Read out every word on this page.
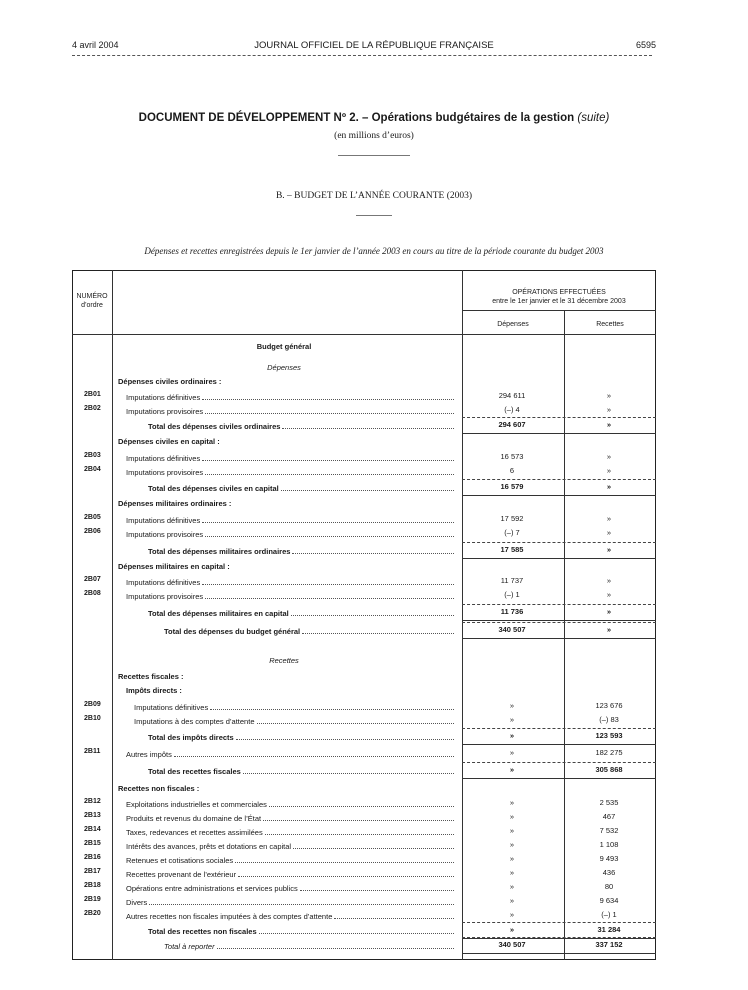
4 avril 2004	JOURNAL OFFICIEL DE LA RÉPUBLIQUE FRANÇAISE	6595
DOCUMENT DE DÉVELOPPEMENT Nº 2. – Opérations budgétaires de la gestion (suite)
(en millions d’euros)
B. – BUDGET DE L’ANNÉE COURANTE (2003)
Dépenses et recettes enregistrées depuis le 1er janvier de l’année 2003 en cours au titre de la période courante du budget 2003
NUMÉRO
d’ordre
OPÉRATIONS EFFECTUÉES
entre le 1er janvier et le 31 décembre 2003
Dépenses	Recettes
Budget général
Dépenses
Recettes
Dépenses civiles ordinaires :
2B01	Imputations définitives	294 611	»
2B02	Imputations provisoires	(–) 4	»
Total des dépenses civiles ordinaires	294 607	»
Dépenses civiles en capital :
2B03	Imputations définitives	16 573	»
2B04	Imputations provisoires	6	»
Total des dépenses civiles en capital	16 579	»
Dépenses militaires ordinaires :
2B05	Imputations définitives	17 592	»
2B06	Imputations provisoires	(–) 7	»
Total des dépenses militaires ordinaires	17 585	»
Dépenses militaires en capital :
2B07	Imputations définitives	11 737	»
2B08	Imputations provisoires	(–) 1	»
Total des dépenses militaires en capital	11 736	»
Total des dépenses du budget général	340 507	»
Recettes fiscales :
Impôts directs :
2B09	Imputations définitives	»	123 676
2B10	Imputations à des comptes d’attente	»	(–) 83
Total des impôts directs	»	123 593
2B11	Autres impôts	»	182 275
Total des recettes fiscales	»	305 868
Recettes non fiscales :
2B12	Exploitations industrielles et commerciales	»	2 535
2B13	Produits et revenus du domaine de l’État	»	467
2B14	Taxes, redevances et recettes assimilées	»	7 532
2B15	Intérêts des avances, prêts et dotations en capital	»	1 108
2B16	Retenues et cotisations sociales	»	9 493
2B17	Recettes provenant de l’extérieur	»	436
2B18	Opérations entre administrations et services publics	»	80
2B19	Divers	»	9 634
2B20	Autres recettes non fiscales imputées à des comptes d’attente	»	(–) 1
Total des recettes non fiscales	»	31 284
Total à reporter	340 507	337 152
